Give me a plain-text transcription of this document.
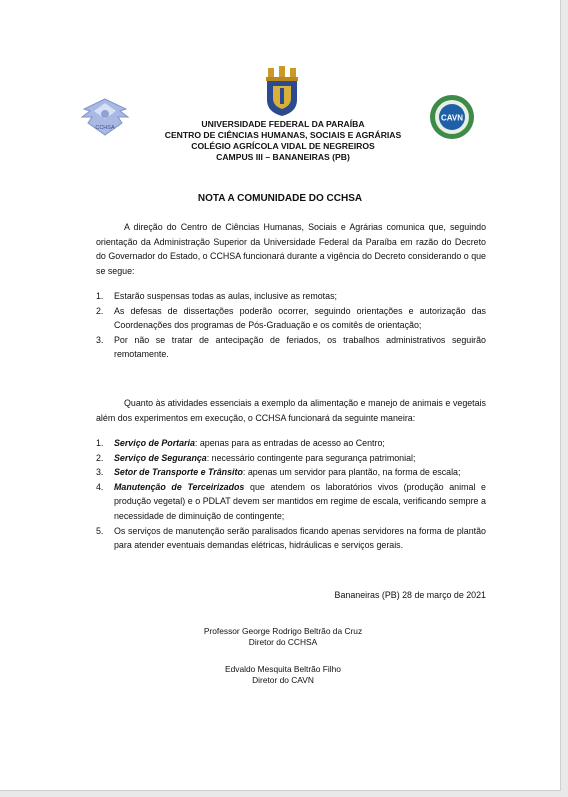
CCHSA
CAVN
UNIVERSIDADE FEDERAL DA PARAÍBA
CENTRO DE CIÊNCIAS HUMANAS, SOCIAIS E AGRÁRIAS
COLÉGIO AGRÍCOLA VIDAL DE NEGREIROS
CAMPUS III – BANANEIRAS (PB)
NOTA A COMUNIDADE DO CCHSA

A direção do Centro de Ciências Humanas, Sociais e Agrárias comunica que, seguindo orientação da Administração Superior da Universidade Federal da Paraíba em razão do Decreto do Governador do Estado, o CCHSA funcionará durante a vigência do Decreto considerando o que se segue:

1. Estarão suspensas todas as aulas, inclusive as remotas;
2. As defesas de dissertações poderão ocorrer, seguindo orientações e autorização das Coordenações dos programas de Pós-Graduação e os comitês de orientação;
3. Por não se tratar de antecipação de feriados, os trabalhos administrativos seguirão remotamente.

Quanto às atividades essenciais a exemplo da alimentação e manejo de animais e vegetais além dos experimentos em execução, o CCHSA funcionará da seguinte maneira:

1. Serviço de Portaria: apenas para as entradas de acesso ao Centro;
2. Serviço de Segurança: necessário contingente para segurança patrimonial;
3. Setor de Transporte e Trânsito: apenas um servidor para plantão, na forma de escala;
4. Manutenção de Terceirizados que atendem os laboratórios vivos (produção animal e produção vegetal) e o PDLAT devem ser mantidos em regime de escala, verificando sempre a necessidade de diminuição de contingente;
5. Os serviços de manutenção serão paralisados ficando apenas servidores na forma de plantão para atender eventuais demandas elétricas, hidráulicas e serviços gerais.
Bananeiras (PB) 28 de março de 2021
Professor George Rodrigo Beltrão da Cruz
Diretor do CCHSA
Edvaldo Mesquita Beltrão Filho
Diretor do CAVN
